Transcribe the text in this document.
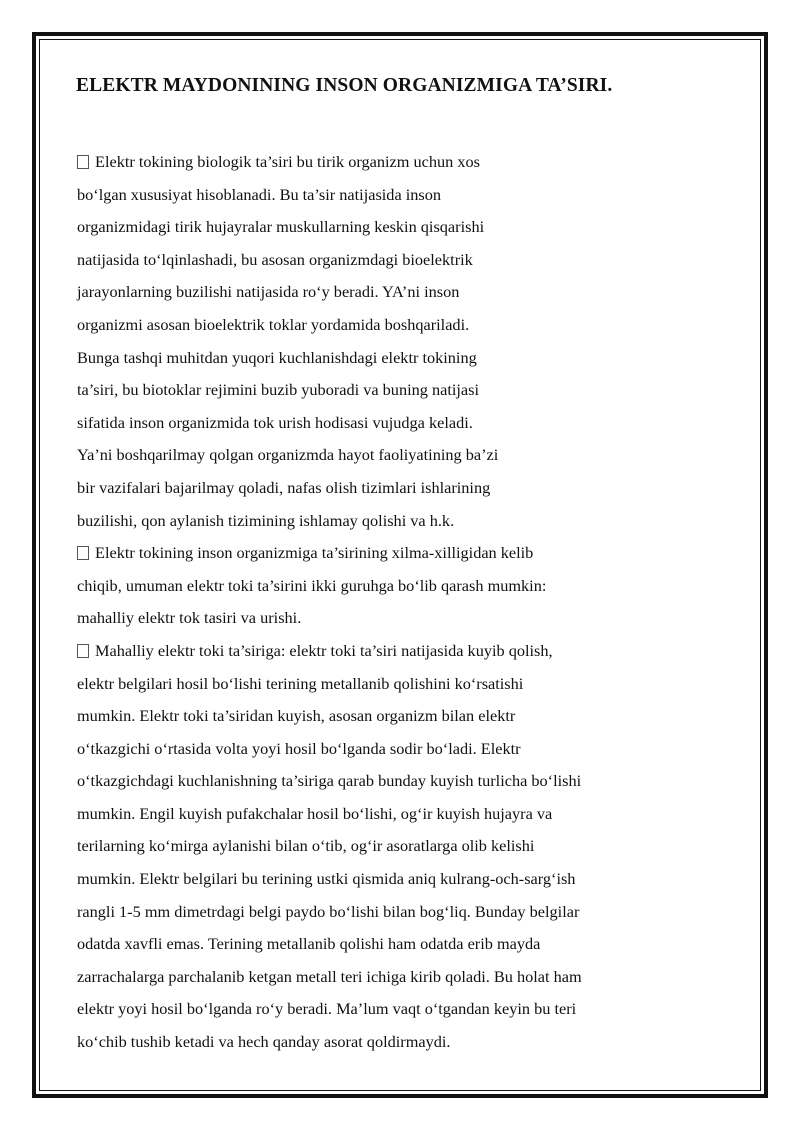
ELEKTR MAYDONINING INSON ORGANIZMIGA TA’SIRI.
Elektr tokining biologik ta’siri bu tirik organizm uchun xos
bo‘lgan xususiyat hisoblanadi. Bu ta’sir natijasida inson
organizmidagi tirik hujayralar muskullarning keskin qisqarishi
natijasida to‘lqinlashadi, bu asosan organizmdagi bioelektrik
jarayonlarning buzilishi natijasida ro‘y beradi. YA’ni inson
organizmi asosan bioelektrik toklar yordamida boshqariladi.
Bunga tashqi muhitdan yuqori kuchlanishdagi elektr tokining
ta’siri, bu biotoklar rejimini buzib yuboradi va buning natijasi
sifatida inson organizmida tok urish hodisasi vujudga keladi.
Ya’ni boshqarilmay qolgan organizmda hayot faoliyatining ba’zi
bir vazifalari bajarilmay qoladi, nafas olish tizimlari ishlarining
buzilishi, qon aylanish tizimining ishlamay qolishi va h.k.
Elektr tokining inson organizmiga ta’sirining xilma-xilligidan kelib
chiqib, umuman elektr toki ta’sirini ikki guruhga bo‘lib qarash mumkin:
mahalliy elektr tok tasiri va urishi.
Mahalliy elektr toki ta’siriga: elektr toki ta’siri natijasida kuyib qolish,
elektr belgilari hosil bo‘lishi terining metallanib qolishini ko‘rsatishi
mumkin. Elektr toki ta’siridan kuyish, asosan organizm bilan elektr
o‘tkazgichi o‘rtasida volta yoyi hosil bo‘lganda sodir bo‘ladi. Elektr
o‘tkazgichdagi kuchlanishning ta’siriga qarab bunday kuyish turlicha bo‘lishi
mumkin. Engil kuyish pufakchalar hosil bo‘lishi, og‘ir kuyish hujayra va
terilarning ko‘mirga aylanishi bilan o‘tib, og‘ir asoratlarga olib kelishi
mumkin. Elektr belgilari bu terining ustki qismida aniq kulrang-och-sarg‘ish
rangli 1-5 mm dimetrdagi belgi paydo bo‘lishi bilan bog‘liq. Bunday belgilar
odatda xavfli emas. Terining metallanib qolishi ham odatda erib mayda
zarrachalarga parchalanib ketgan metall teri ichiga kirib qoladi. Bu holat ham
elektr yoyi hosil bo‘lganda ro‘y beradi. Ma’lum vaqt o‘tgandan keyin bu teri
ko‘chib tushib ketadi va hech qanday asorat qoldirmaydi.
